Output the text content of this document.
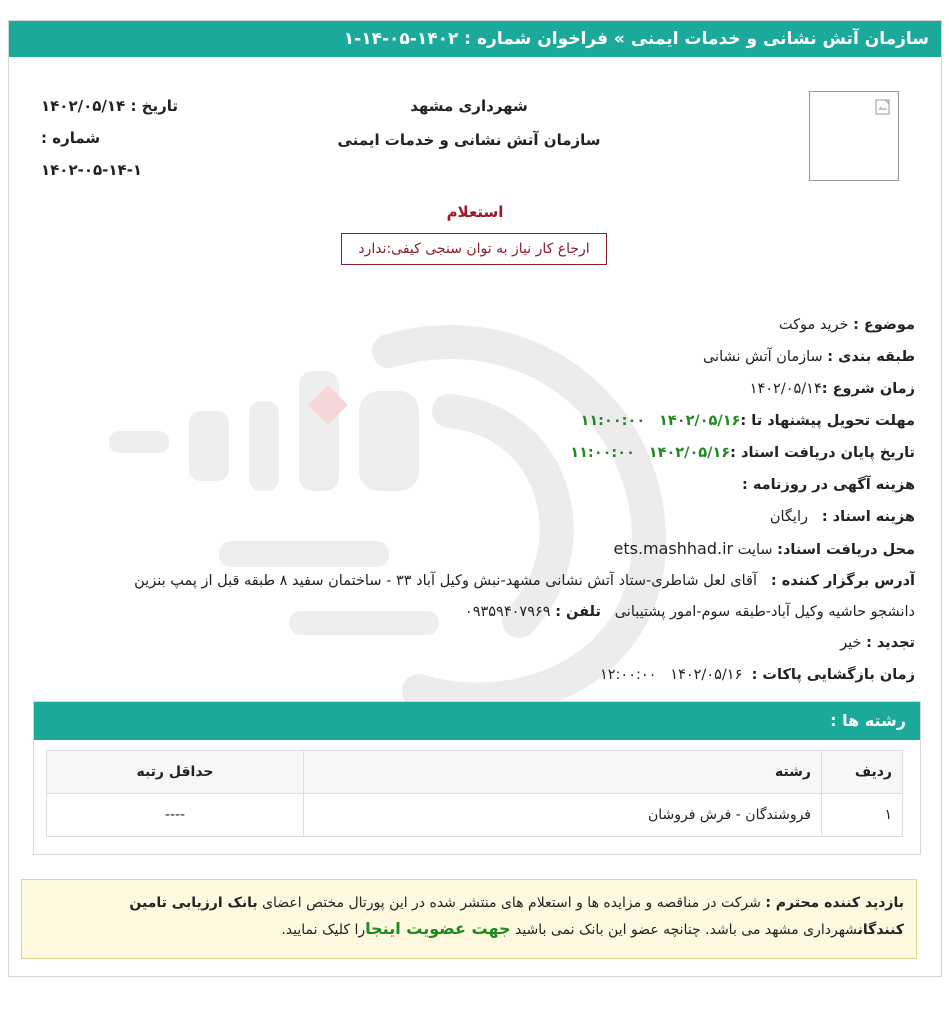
سازمان آتش نشانی و خدمات ایمنی » فراخوان شماره : ۱۴۰۲-۰۵-۱۴-۱
شهرداری مشهد
سازمان آتش نشانی و خدمات ایمنی
تاریخ : ۱۴۰۲/۰۵/۱۴
شماره :
۱۴۰۲-۰۵-۱۴-۱
استعلام
ارجاع کار نیاز به توان سنجی کیفی:ندارد
موضوع : خرید موکت
طبقه بندی : سازمان آتش نشانی
زمان شروع :۱۴۰۲/۰۵/۱۴
مهلت تحویل پیشنهاد تا :۱۴۰۲/۰۵/۱۶   ۱۱:۰۰:۰۰
تاریخ پایان دریافت اسناد :۱۴۰۲/۰۵/۱۶   ۱۱:۰۰:۰۰
هزینه آگهی در روزنامه :
هزینه اسناد :   رایگان
محل دریافت اسناد: سایت ets.mashhad.ir
آدرس برگزار کننده :   آقای لعل شاطری-ستاد آتش نشانی مشهد-نبش وکیل آباد ۳۳ - ساختمان سفید ۸ طبقه قبل از پمپ بنزین
دانشجو حاشیه وکیل آباد-طبقه سوم-امور پشتیبانی   تلفن : ۰۹۳۵۹۴۰۷۹۶۹
تجدید : خیر
زمان بازگشایی پاکات :  ۱۴۰۲/۰۵/۱۶   ۱۲:۰۰:۰۰
رشته ها :
ردیف	رشته	حداقل رتبه
۱	فروشندگان - فرش فروشان	----
بازدید کننده محترم : شرکت در مناقصه و مزایده ها و استعلام های منتشر شده در این پورتال مختص اعضای بانک ارزیابی تامین کنندگانشهرداری مشهد می باشد. چنانچه عضو این بانک نمی باشید جهت عضویت اینجارا کلیک نمایید.
